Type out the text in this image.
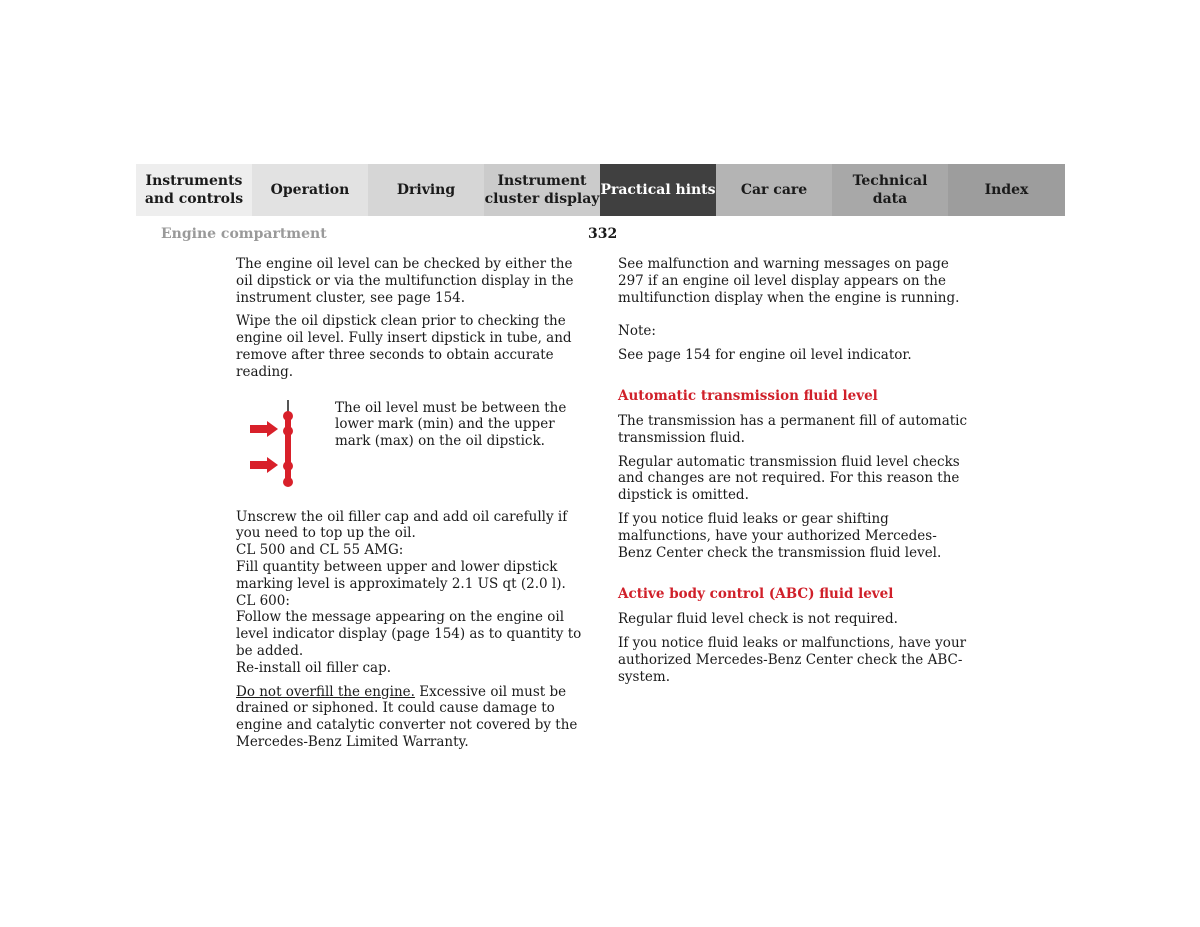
Instruments
and controls
Operation	Driving
Instrument
cluster display
Practical hints	Car care
Technical
data
Index
Engine compartment	332

The engine oil level can be checked by either the oil dipstick or via the multifunction display in the instrument cluster, see page 154.

Wipe the oil dipstick clean prior to checking the engine oil level. Fully insert dipstick in tube, and remove after three seconds to obtain accurate reading.

The oil level must be between the lower mark (min) and the upper mark (max) on the oil dipstick.

Unscrew the oil filler cap and add oil carefully if you need to top up the oil.

CL 500 and CL 55 AMG:

Fill quantity between upper and lower dipstick marking level is approximately 2.1 US qt (2.0 l).

CL 600:

Follow the message appearing on the engine oil level indicator display (page 154) as to quantity to be added.

Re-install oil filler cap.

Do not overfill the engine. Excessive oil must be drained or siphoned. It could cause damage to engine and catalytic converter not covered by the Mercedes-Benz Limited Warranty.

See malfunction and warning messages on page 297 if an engine oil level display appears on the multifunction display when the engine is running.

Note:

See page 154 for engine oil level indicator.

Automatic transmission fluid level

The transmission has a permanent fill of automatic transmission fluid.

Regular automatic transmission fluid level checks and changes are not required. For this reason the dipstick is omitted.

If you notice fluid leaks or gear shifting malfunctions, have your authorized Mercedes-Benz Center check the transmission fluid level.

Active body control (ABC) fluid level

Regular fluid level check is not required.

If you notice fluid leaks or malfunctions, have your authorized Mercedes-Benz Center check the ABC-system.
